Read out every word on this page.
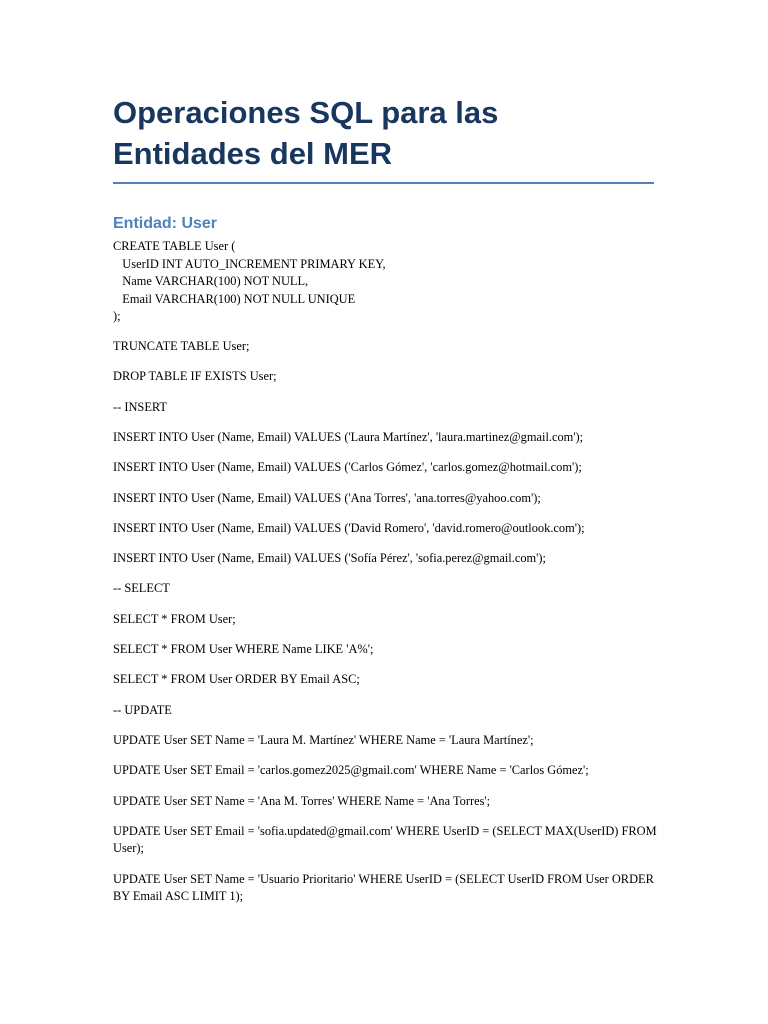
Operaciones SQL para las Entidades del MER
Entidad: User
CREATE TABLE User (
UserID INT AUTO_INCREMENT PRIMARY KEY,
Name VARCHAR(100) NOT NULL,
Email VARCHAR(100) NOT NULL UNIQUE
);

TRUNCATE TABLE User;

DROP TABLE IF EXISTS User;

-- INSERT

INSERT INTO User (Name, Email) VALUES ('Laura Martínez', 'laura.martinez@gmail.com');

INSERT INTO User (Name, Email) VALUES ('Carlos Gómez', 'carlos.gomez@hotmail.com');

INSERT INTO User (Name, Email) VALUES ('Ana Torres', 'ana.torres@yahoo.com');

INSERT INTO User (Name, Email) VALUES ('David Romero', 'david.romero@outlook.com');

INSERT INTO User (Name, Email) VALUES ('Sofía Pérez', 'sofia.perez@gmail.com');

-- SELECT

SELECT * FROM User;

SELECT * FROM User WHERE Name LIKE 'A%';

SELECT * FROM User ORDER BY Email ASC;

-- UPDATE

UPDATE User SET Name = 'Laura M. Martínez' WHERE Name = 'Laura Martínez';

UPDATE User SET Email = 'carlos.gomez2025@gmail.com' WHERE Name = 'Carlos Gómez';

UPDATE User SET Name = 'Ana M. Torres' WHERE Name = 'Ana Torres';

UPDATE User SET Email = 'sofia.updated@gmail.com' WHERE UserID = (SELECT MAX(UserID) FROM User);

UPDATE User SET Name = 'Usuario Prioritario' WHERE UserID = (SELECT UserID FROM User ORDER BY Email ASC LIMIT 1);
